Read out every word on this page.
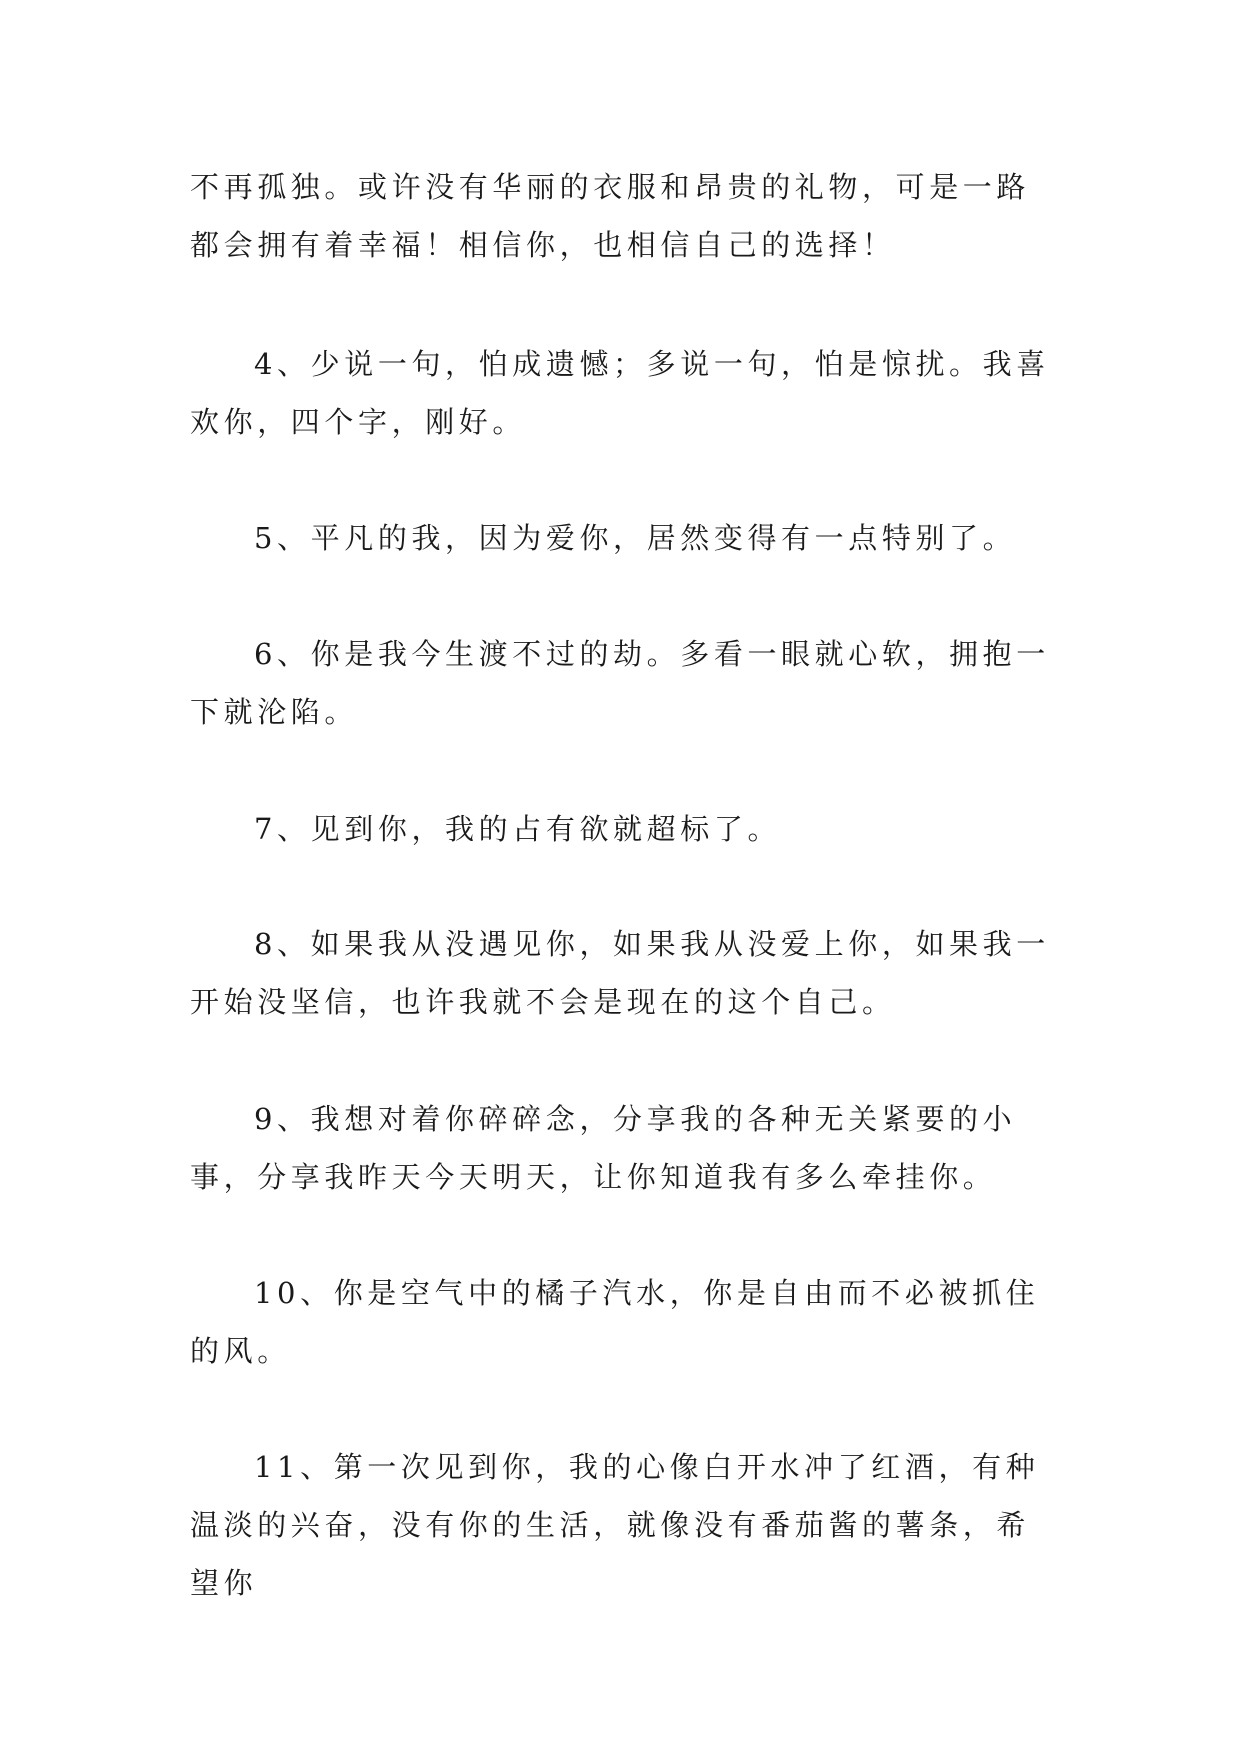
不再孤独。或许没有华丽的衣服和昂贵的礼物，可是一路都会拥有着幸福！相信你，也相信自己的选择！

4、少说一句，怕成遗憾；多说一句，怕是惊扰。我喜欢你，四个字，刚好。

5、平凡的我，因为爱你，居然变得有一点特别了。

6、你是我今生渡不过的劫。多看一眼就心软，拥抱一下就沦陷。

7、见到你，我的占有欲就超标了。

8、如果我从没遇见你，如果我从没爱上你，如果我一开始没坚信，也许我就不会是现在的这个自己。

9、我想对着你碎碎念，分享我的各种无关紧要的小事，分享我昨天今天明天，让你知道我有多么牵挂你。

10、你是空气中的橘子汽水，你是自由而不必被抓住的风。

11、第一次见到你，我的心像白开水冲了红酒，有种温淡的兴奋，没有你的生活，就像没有番茄酱的薯条，希望你
